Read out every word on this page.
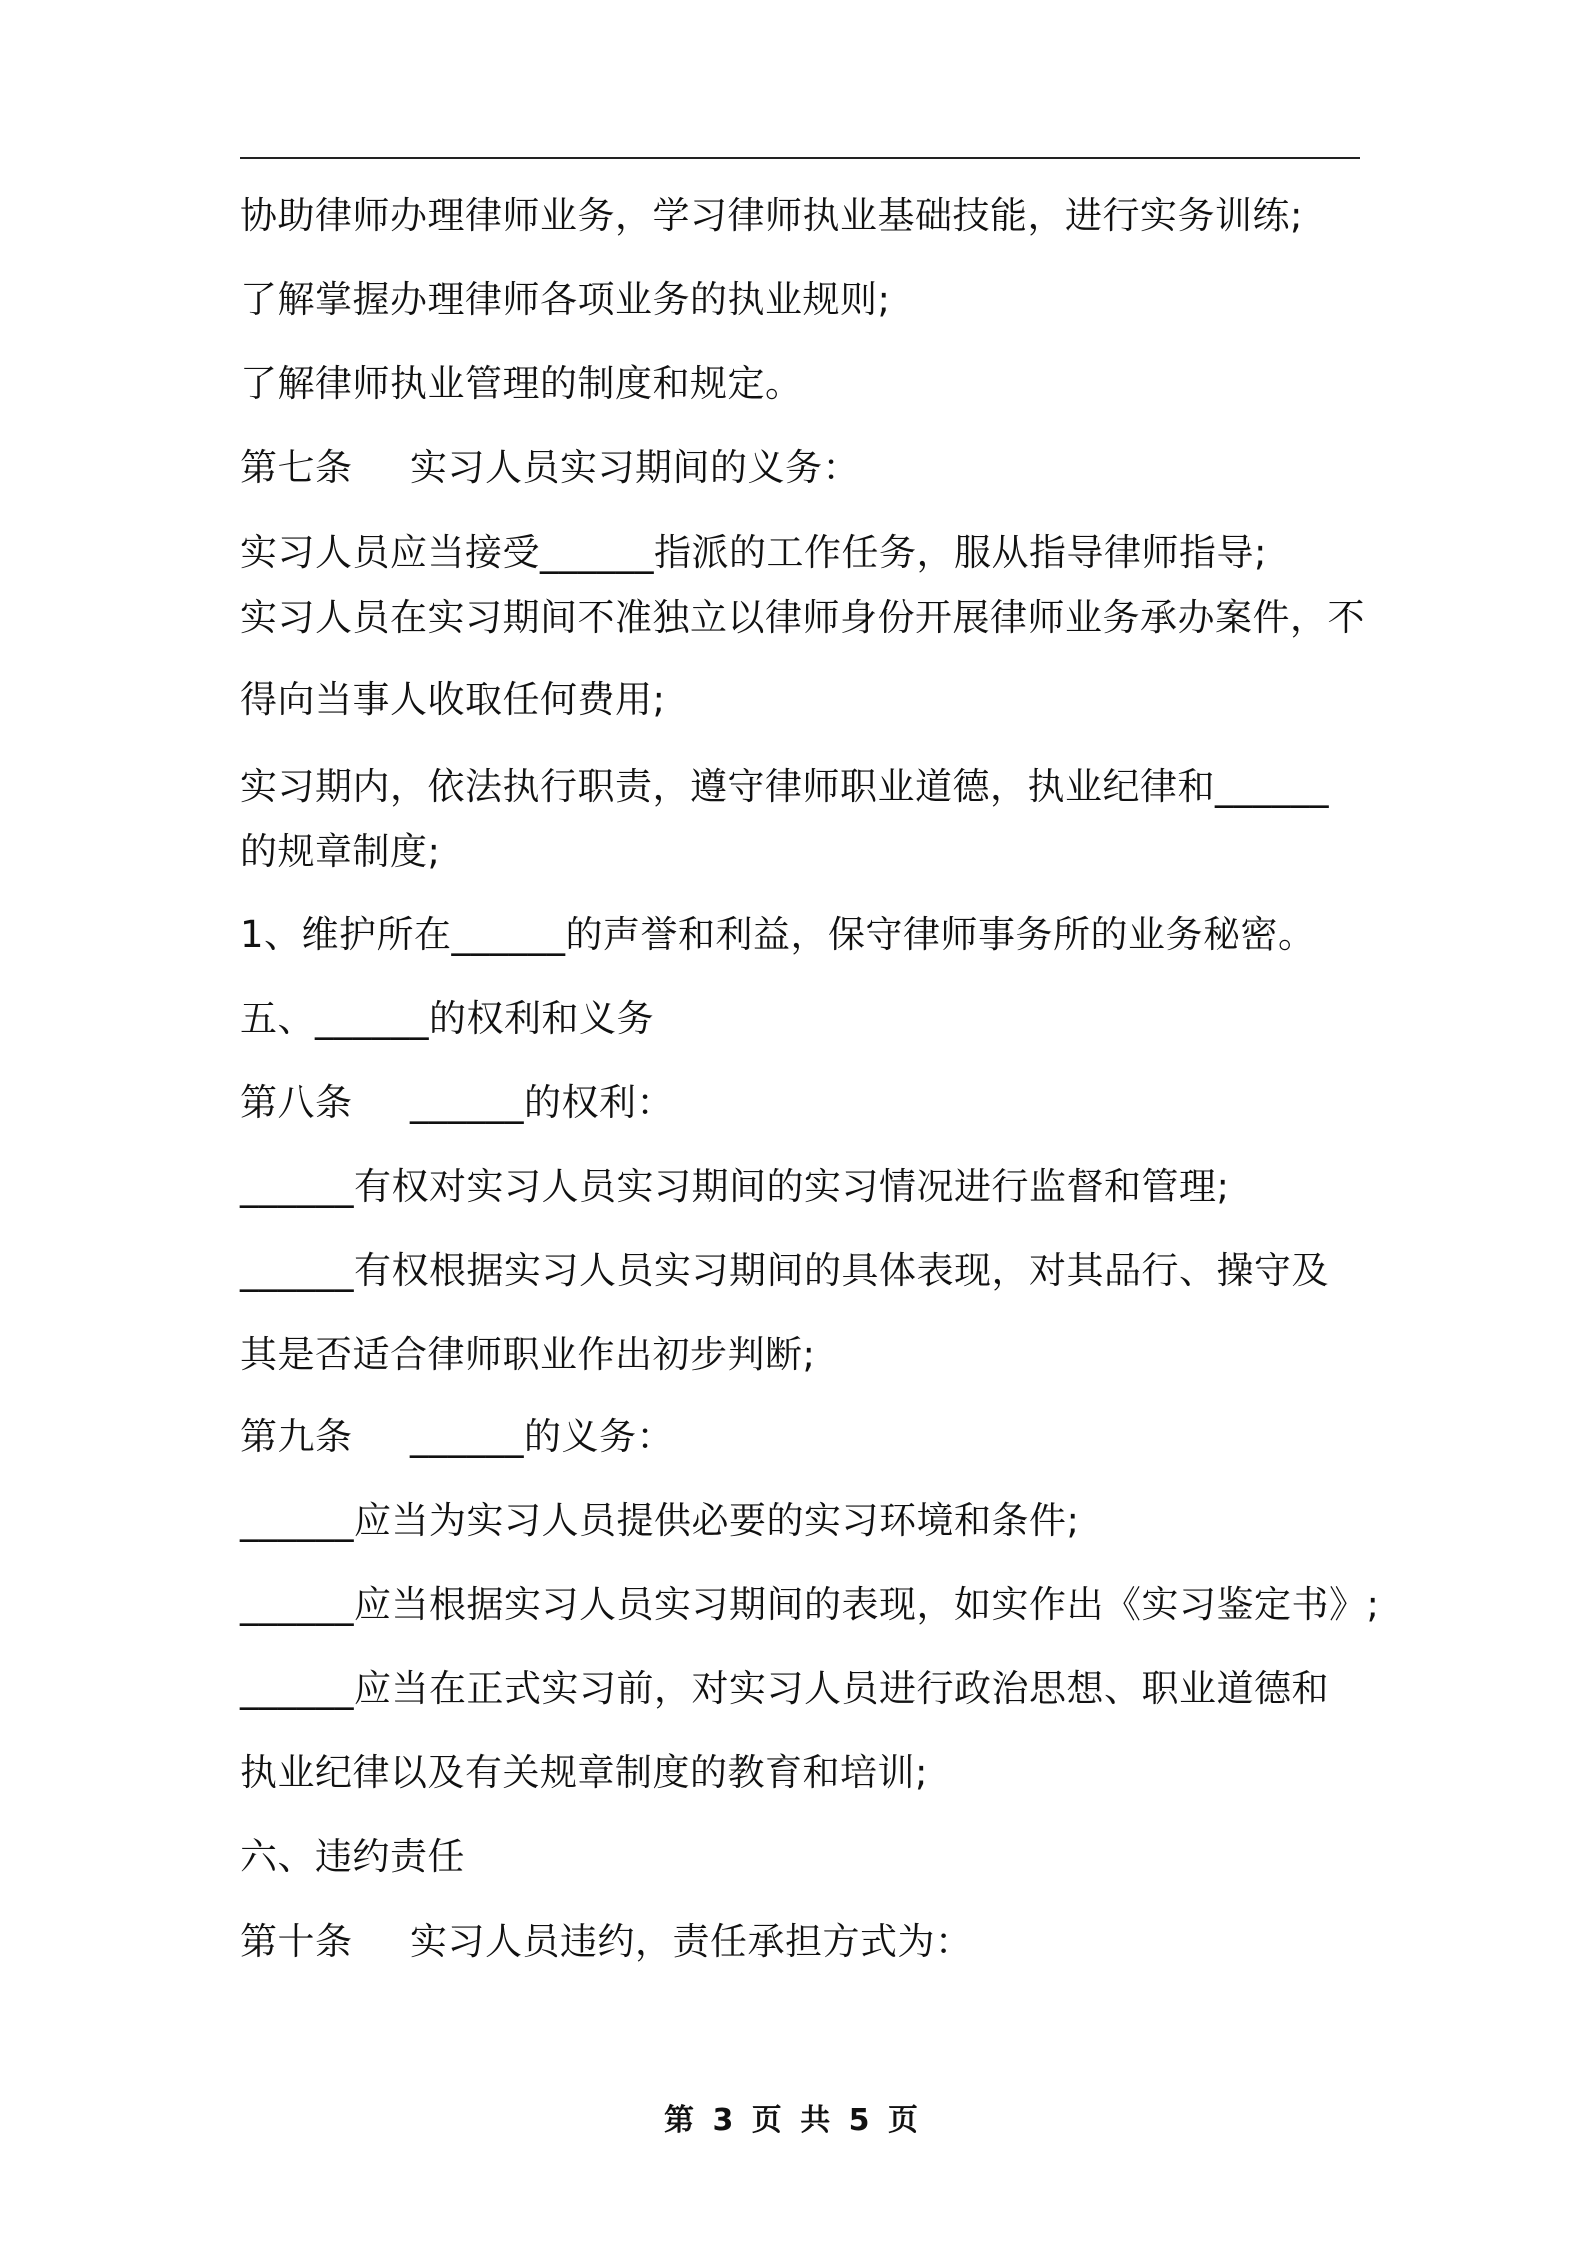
协助律师办理律师业务，学习律师执业基础技能，进行实务训练;
了解掌握办理律师各项业务的执业规则;
了解律师执业管理的制度和规定。
第七条 实习人员实习期间的义务：
实习人员应当接受______指派的工作任务，服从指导律师指导;
实习人员在实习期间不准独立以律师身份开展律师业务承办案件，不
得向当事人收取任何费用;
实习期内，依法执行职责，遵守律师职业道德，执业纪律和______
的规章制度;
1、维护所在______的声誉和利益，保守律师事务所的业务秘密。
五、______的权利和义务
第八条 ______的权利：
______有权对实习人员实习期间的实习情况进行监督和管理;
______有权根据实习人员实习期间的具体表现，对其品行、操守及
其是否适合律师职业作出初步判断;
第九条 ______的义务：
______应当为实习人员提供必要的实习环境和条件;
______应当根据实习人员实习期间的表现，如实作出《实习鉴定书》;
______应当在正式实习前，对实习人员进行政治思想、职业道德和
执业纪律以及有关规章制度的教育和培训;
六、违约责任
第十条 实习人员违约，责任承担方式为：
第 3 页 共 5 页
